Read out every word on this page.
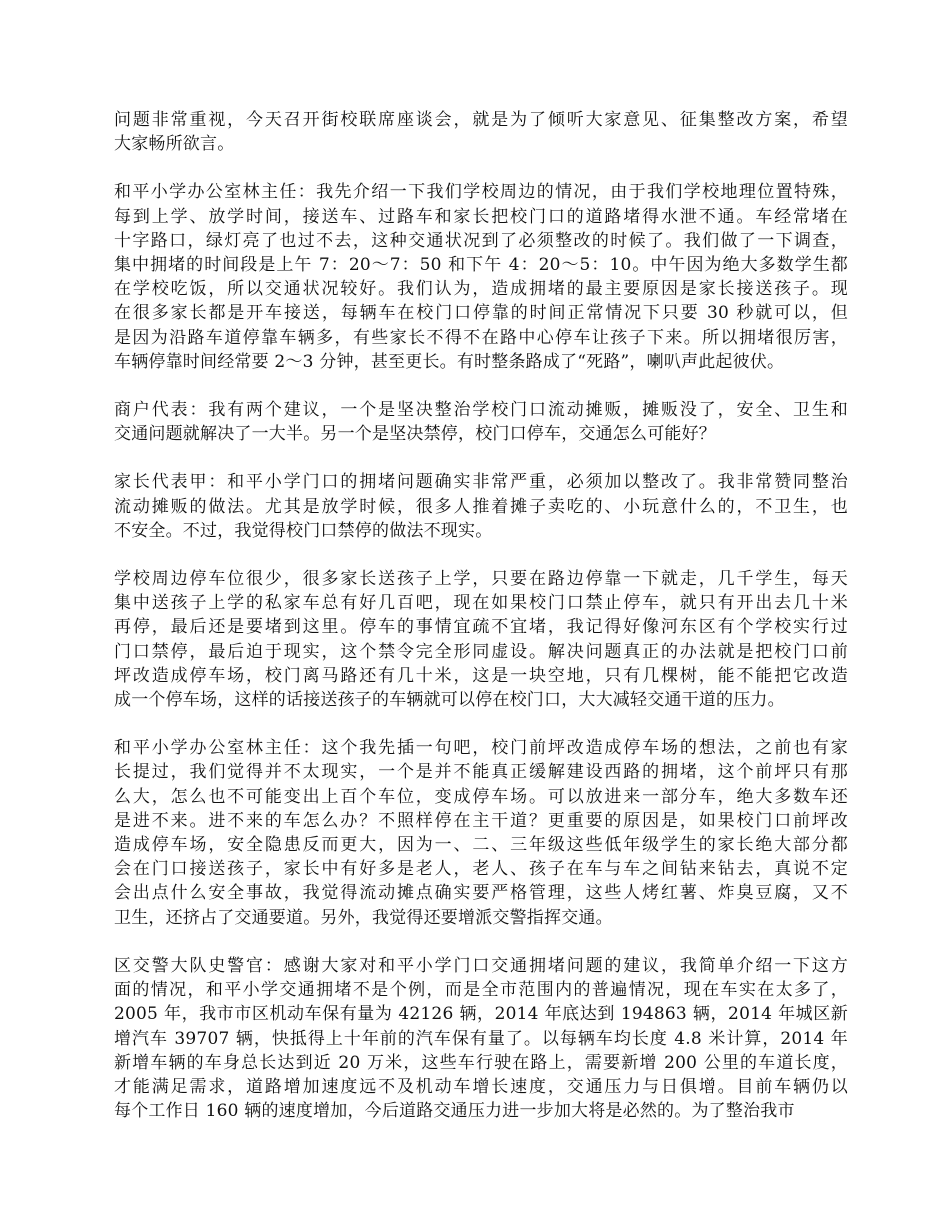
问题非常重视，今天召开街校联席座谈会，就是为了倾听大家意见、征集整改方案，希望
大家畅所欲言。
和平小学办公室林主任：我先介绍一下我们学校周边的情况，由于我们学校地理位置特殊，
每到上学、放学时间，接送车、过路车和家长把校门口的道路堵得水泄不通。车经常堵在
十字路口，绿灯亮了也过不去，这种交通状况到了必须整改的时候了。我们做了一下调查，
集中拥堵的时间段是上午 7：20～7：50 和下午 4：20～5：10。中午因为绝大多数学生都
在学校吃饭，所以交通状况较好。我们认为，造成拥堵的最主要原因是家长接送孩子。现
在很多家长都是开车接送，每辆车在校门口停靠的时间正常情况下只要 30 秒就可以，但
是因为沿路车道停靠车辆多，有些家长不得不在路中心停车让孩子下来。所以拥堵很厉害，
车辆停靠时间经常要 2～3 分钟，甚至更长。有时整条路成了“死路”，喇叭声此起彼伏。
商户代表：我有两个建议，一个是坚决整治学校门口流动摊贩，摊贩没了，安全、卫生和
交通问题就解决了一大半。另一个是坚决禁停，校门口停车，交通怎么可能好？
家长代表甲：和平小学门口的拥堵问题确实非常严重，必须加以整改了。我非常赞同整治
流动摊贩的做法。尤其是放学时候，很多人推着摊子卖吃的、小玩意什么的，不卫生，也
不安全。不过，我觉得校门口禁停的做法不现实。
学校周边停车位很少，很多家长送孩子上学，只要在路边停靠一下就走，几千学生，每天
集中送孩子上学的私家车总有好几百吧，现在如果校门口禁止停车，就只有开出去几十米
再停，最后还是要堵到这里。停车的事情宜疏不宜堵，我记得好像河东区有个学校实行过
门口禁停，最后迫于现实，这个禁令完全形同虚设。解决问题真正的办法就是把校门口前
坪改造成停车场，校门离马路还有几十米，这是一块空地，只有几棵树，能不能把它改造
成一个停车场，这样的话接送孩子的车辆就可以停在校门口，大大减轻交通干道的压力。
和平小学办公室林主任：这个我先插一句吧，校门前坪改造成停车场的想法，之前也有家
长提过，我们觉得并不太现实，一个是并不能真正缓解建设西路的拥堵，这个前坪只有那
么大，怎么也不可能变出上百个车位，变成停车场。可以放进来一部分车，绝大多数车还
是进不来。进不来的车怎么办？不照样停在主干道？更重要的原因是，如果校门口前坪改
造成停车场，安全隐患反而更大，因为一、二、三年级这些低年级学生的家长绝大部分都
会在门口接送孩子，家长中有好多是老人，老人、孩子在车与车之间钻来钻去，真说不定
会出点什么安全事故，我觉得流动摊点确实要严格管理，这些人烤红薯、炸臭豆腐，又不
卫生，还挤占了交通要道。另外，我觉得还要增派交警指挥交通。
区交警大队史警官：感谢大家对和平小学门口交通拥堵问题的建议，我简单介绍一下这方
面的情况，和平小学交通拥堵不是个例，而是全市范围内的普遍情况，现在车实在太多了，
2005 年，我市市区机动车保有量为 42126 辆，2014 年底达到 194863 辆，2014 年城区新
增汽车 39707 辆，快抵得上十年前的汽车保有量了。以每辆车均长度 4.8 米计算，2014 年
新增车辆的车身总长达到近 20 万米，这些车行驶在路上，需要新增 200 公里的车道长度，
才能满足需求，道路增加速度远不及机动车增长速度，交通压力与日俱增。目前车辆仍以
每个工作日 160 辆的速度增加，今后道路交通压力进一步加大将是必然的。为了整治我市
